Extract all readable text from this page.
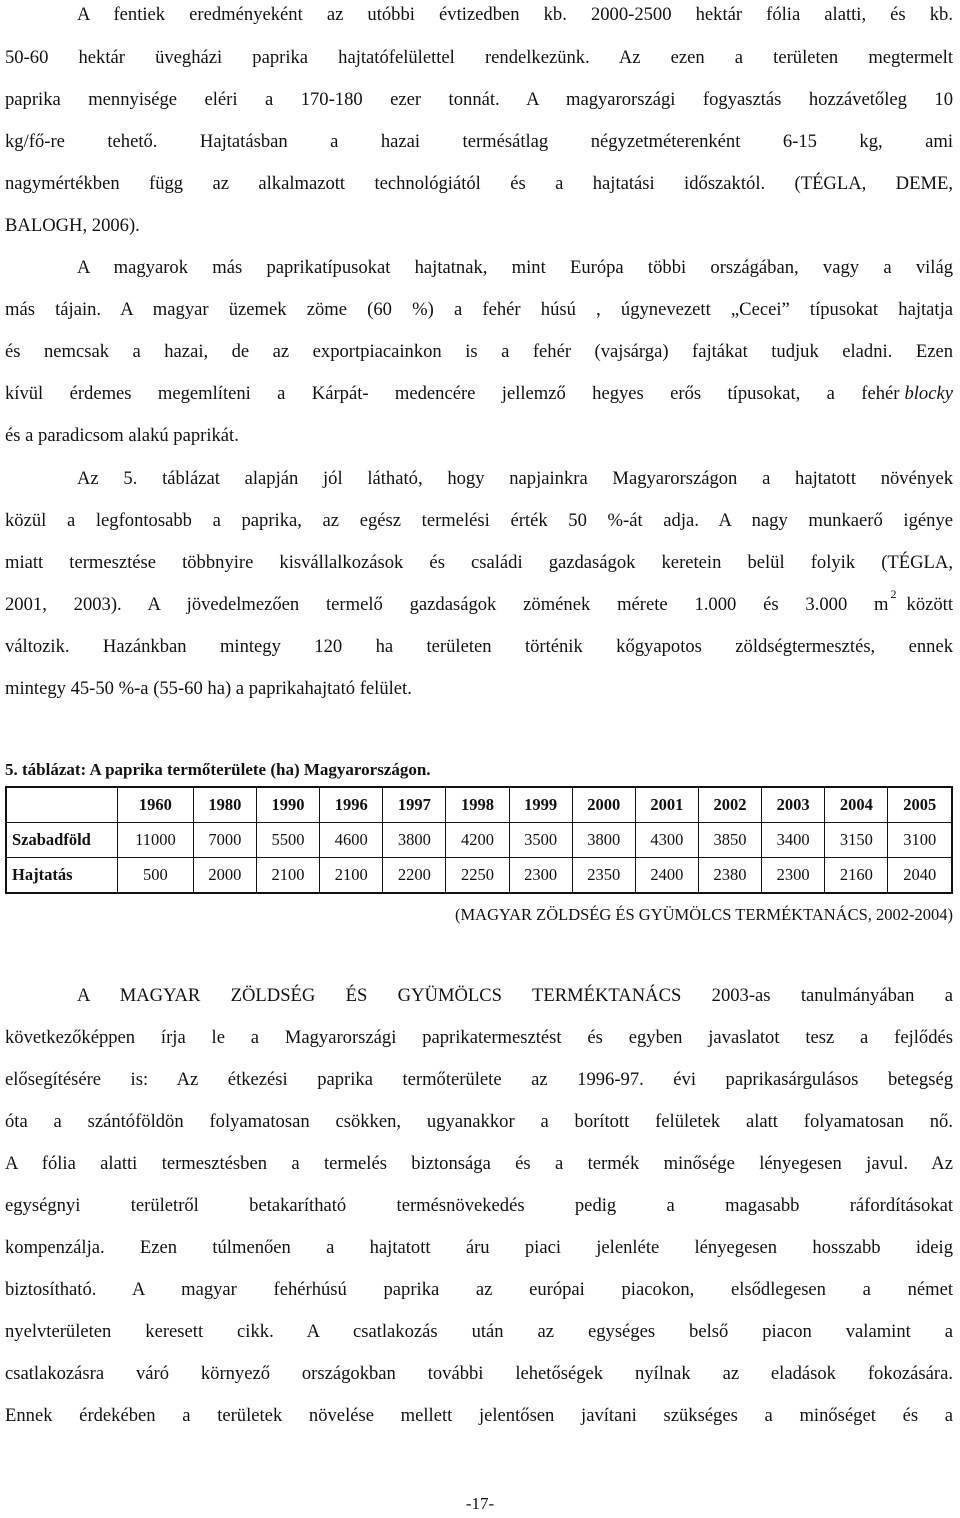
A fentiek eredményeként az utóbbi évtizedben kb. 2000-2500 hektár fólia alatti, és kb.
50-60 hektár üvegházi paprika hajtatófelülettel rendelkezünk. Az ezen a területen megtermelt
paprika mennyisége eléri a 170-180 ezer tonnát. A magyarországi fogyasztás hozzávetőleg 10
kg/fő-re tehető. Hajtatásban a hazai termésátlag négyzetméterenként 6-15 kg, ami
nagymértékben függ az alkalmazott technológiától és a hajtatási időszaktól. (TÉGLA, DEME,
BALOGH, 2006).
A magyarok más paprikatípusokat hajtatnak, mint Európa többi országában, vagy a világ
más tájain. A magyar üzemek zöme (60 %) a fehér húsú , úgynevezett „Cecei” típusokat hajtatja
és nemcsak a hazai, de az exportpiacainkon is a fehér (vajsárga) fajtákat tudjuk eladni. Ezen
kívül érdemes megemlíteni a Kárpát- medencére jellemző hegyes erős típusokat, a fehér blocky
és a paradicsom alakú paprikát.
Az 5. táblázat alapján jól látható, hogy napjainkra Magyarországon a hajtatott növények
közül a legfontosabb a paprika, az egész termelési érték 50 %-át adja. A nagy munkaerő igénye
miatt termesztése többnyire kisvállalkozások és családi gazdaságok keretein belül folyik (TÉGLA,
2001, 2003). A jövedelmezően termelő gazdaságok zömének mérete 1.000 és 3.000 m 2 között
változik. Hazánkban mintegy 120 ha területen történik kőgyapotos zöldségtermesztés, ennek
mintegy 45-50 %-a (55-60 ha) a paprikahajtató felület.
5. táblázat: A paprika termőterülete (ha) Magyarországon.
	1960	1980	1990	1996	1997	1998	1999	2000	2001	2002	2003	2004	2005
Szabadföld	11000	7000	5500	4600	3800	4200	3500	3800	4300	3850	3400	3150	3100
Hajtatás	500	2000	2100	2100	2200	2250	2300	2350	2400	2380	2300	2160	2040
(MAGYAR ZÖLDSÉG ÉS GYÜMÖLCS TERMÉKTANÁCS, 2002-2004)
A MAGYAR ZÖLDSÉG ÉS GYÜMÖLCS TERMÉKTANÁCS 2003-as tanulmányában a
következőképpen írja le a Magyarországi paprikatermesztést és egyben javaslatot tesz a fejlődés
elősegítésére is: Az étkezési paprika termőterülete az 1996-97. évi paprikasárgulásos betegség
óta a szántóföldön folyamatosan csökken, ugyanakkor a borított felületek alatt folyamatosan nő.
A fólia alatti termesztésben a termelés biztonsága és a termék minősége lényegesen javul. Az
egységnyi területről betakarítható termésnövekedés pedig a magasabb ráfordításokat
kompenzálja. Ezen túlmenően a hajtatott áru piaci jelenléte lényegesen hosszabb ideig
biztosítható. A magyar fehérhúsú paprika az európai piacokon, elsődlegesen a német
nyelvterületen keresett cikk. A csatlakozás után az egységes belső piacon valamint a
csatlakozásra váró környező országokban további lehetőségek nyílnak az eladások fokozására.
Ennek érdekében a területek növelése mellett jelentősen javítani szükséges a minőséget és a
-17-
